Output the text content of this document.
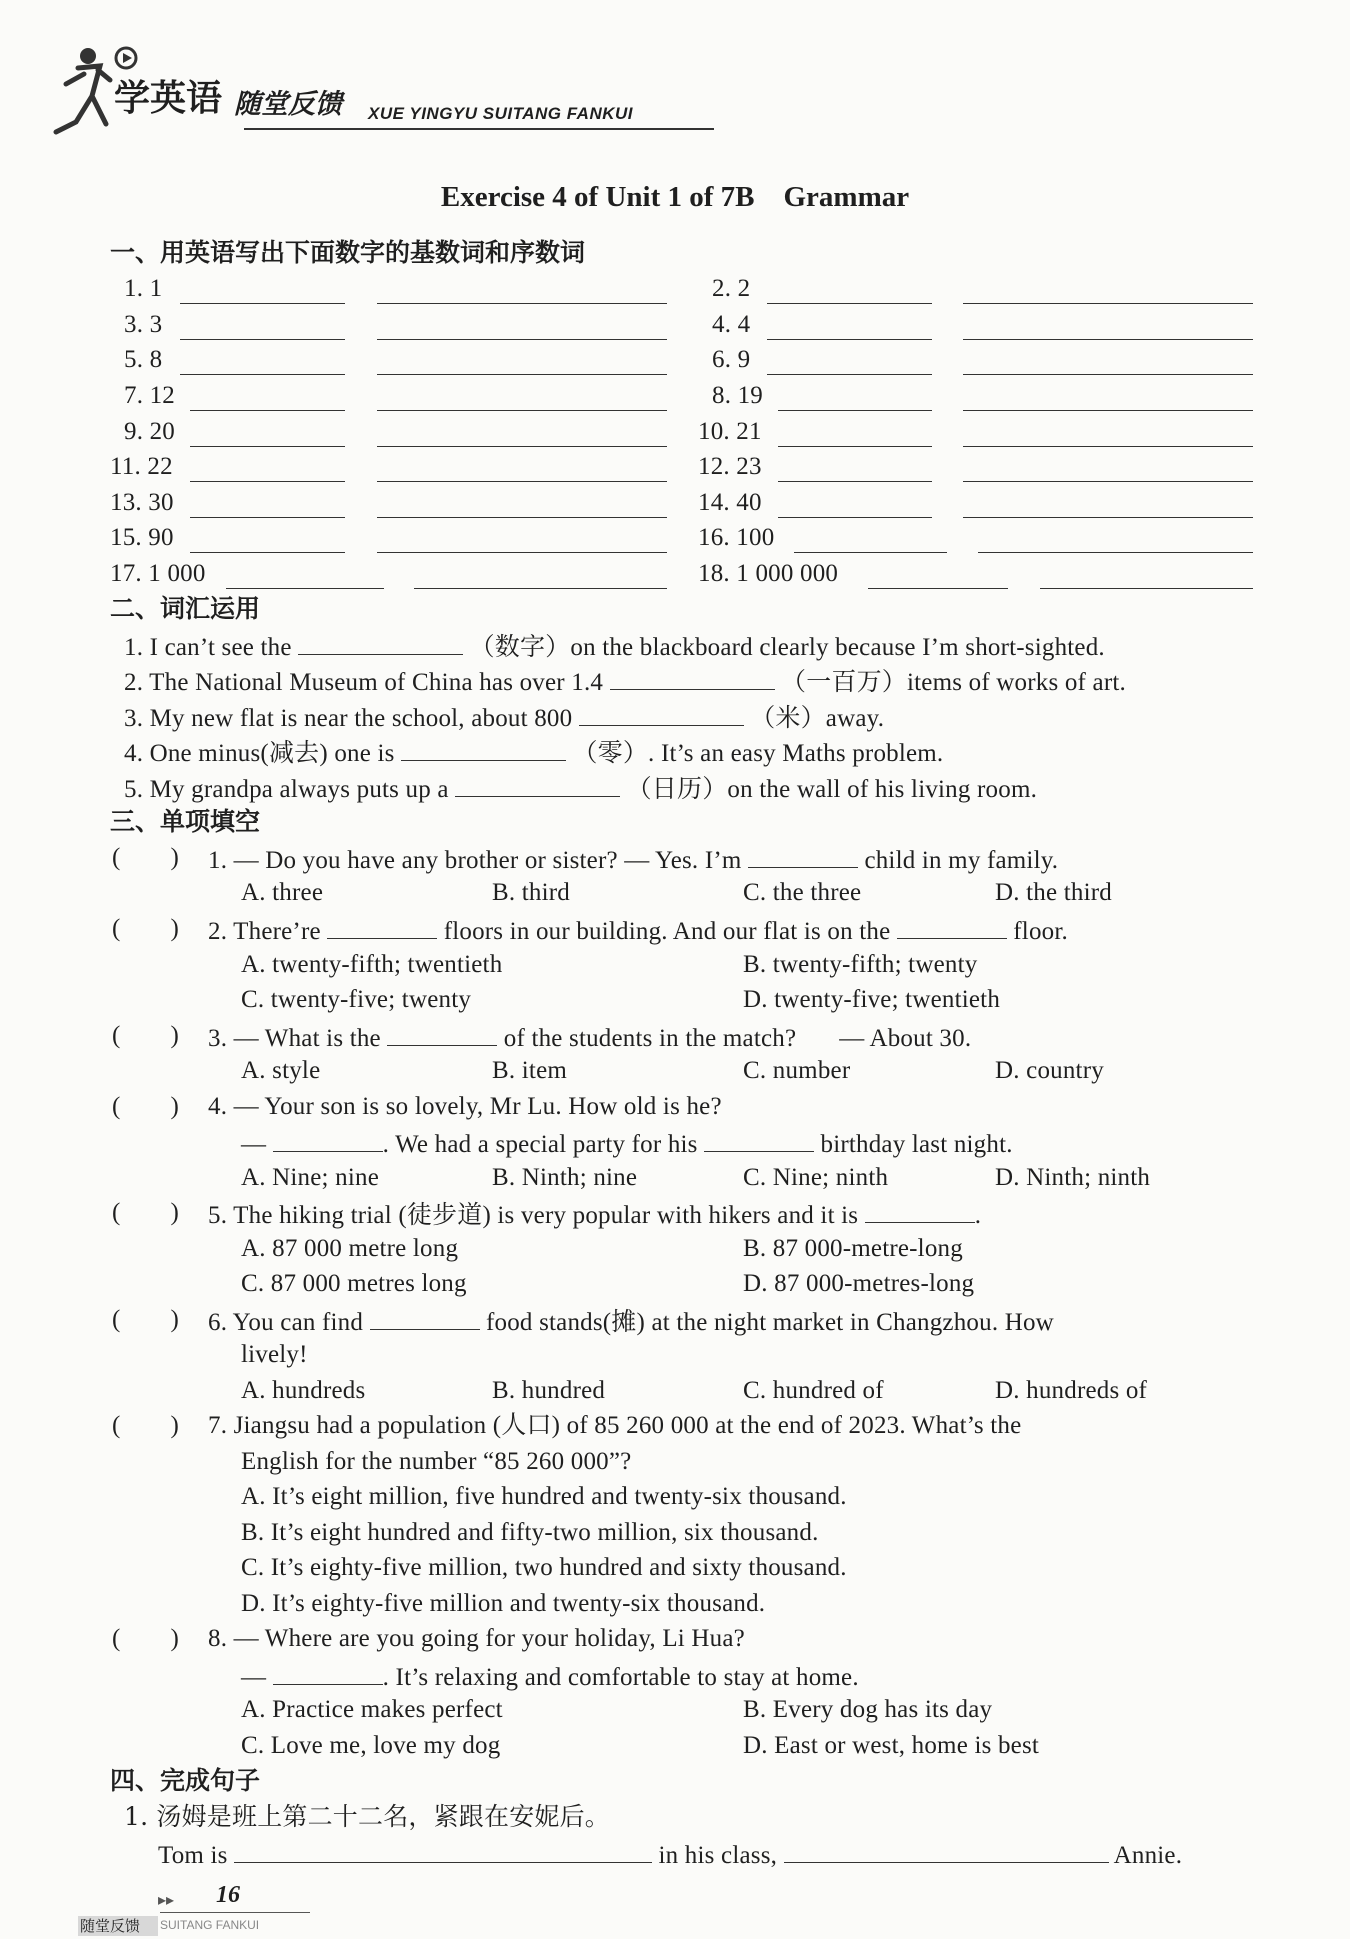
学英语 随堂反馈 XUE YINGYU SUITANG FANKUI
Exercise 4 of Unit 1 of 7B　Grammar
一、用英语写出下面数字的基数词和序数词
1. 1	2. 2
3. 3	4. 4
5. 8	6. 9
7. 12	8. 19
9. 20	10. 21
11. 22	12. 23
13. 30	14. 40
15. 90	16. 100
17. 1 000	18. 1 000 000
二、词汇运用
1. I can’t see the	（数字）on the blackboard clearly because I’m short-sighted.
2. The National Museum of China has over 1.4	（一百万）items of works of art.
3. My new flat is near the school, about 800	（米）away.
4. One minus(减去) one is	（零）. It’s an easy Maths problem.
5. My grandpa always puts up a	（日历）on the wall of his living room.
三、单项填空
( ) 1. — Do you have any brother or sister? — Yes. I’m	child in my family.
A. three	B. third	C. the three	D. the third
( ) 2. There’re	floors in our building. And our flat is on the	floor.
A. twenty-fifth; twentieth	B. twenty-fifth; twenty
C. twenty-five; twenty	D. twenty-five; twentieth
( ) 3. — What is the	of the students in the match? — About 30.
A. style	B. item	C. number	D. country
( ) 4. — Your son is so lovely, Mr Lu. How old is he?
—	. We had a special party for his	birthday last night.
A. Nine; nine	B. Ninth; nine	C. Nine; ninth	D. Ninth; ninth
( ) 5. The hiking trial (徒步道) is very popular with hikers and it is	.
A. 87 000 metre long	B. 87 000-metre-long
C. 87 000 metres long	D. 87 000-metres-long
( ) 6. You can find	food stands(摊) at the night market in Changzhou. How
lively!
A. hundreds	B. hundred	C. hundred of	D. hundreds of
( ) 7. Jiangsu had a population (人口) of 85 260 000 at the end of 2023. What’s the
English for the number “85 260 000”?
A. It’s eight million, five hundred and twenty-six thousand.
B. It’s eight hundred and fifty-two million, six thousand.
C. It’s eighty-five million, two hundred and sixty thousand.
D. It’s eighty-five million and twenty-six thousand.
( ) 8. — Where are you going for your holiday, Li Hua?
—	. It’s relaxing and comfortable to stay at home.
A. Practice makes perfect	B. Every dog has its day
C. Love me, love my dog	D. East or west, home is best
四、完成句子
1. 汤姆是班上第二十二名，紧跟在安妮后。
Tom is	in his class,	Annie.
▸▸ 16
随堂反馈	SUITANG FANKUI
